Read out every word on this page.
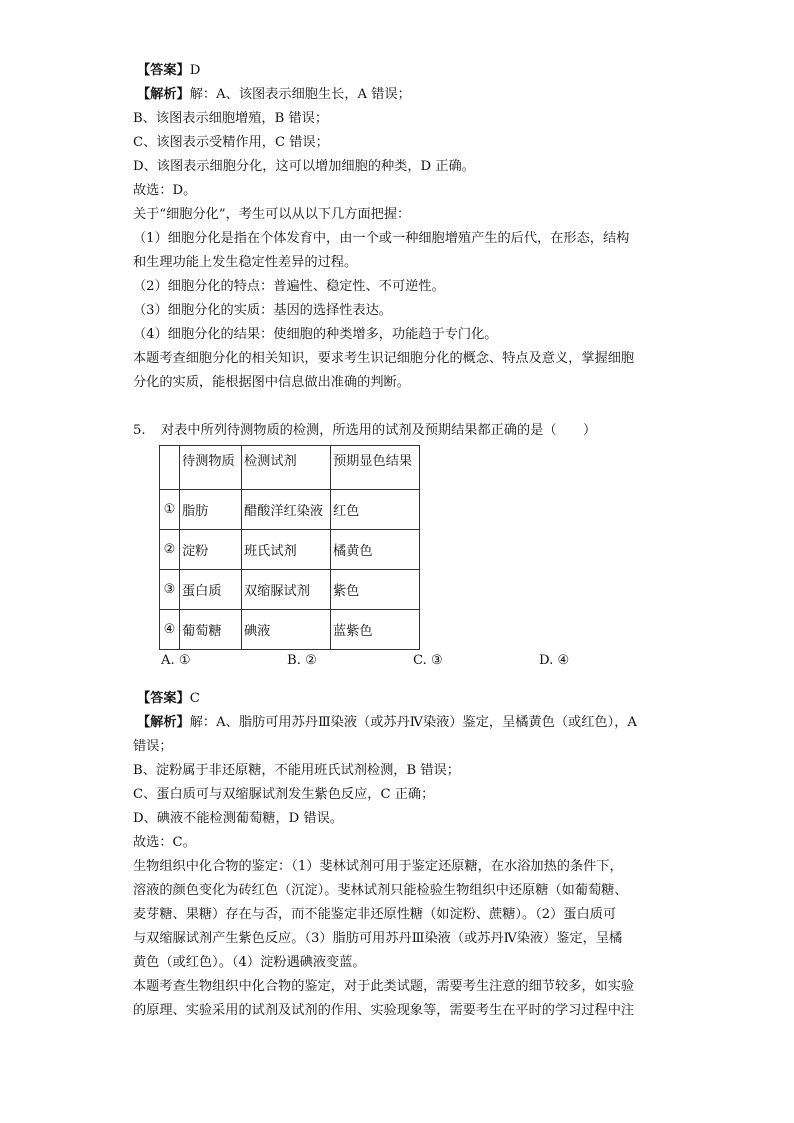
【答案】D
【解析】解：A、该图表示细胞生长，A 错误；
B、该图表示细胞增殖，B 错误；
C、该图表示受精作用，C 错误；
D、该图表示细胞分化，这可以增加细胞的种类，D 正确。
故选：D。
关于“细胞分化”，考生可以从以下几方面把握：
（1）细胞分化是指在个体发育中，由一个或一种细胞增殖产生的后代，在形态，结构
和生理功能上发生稳定性差异的过程。
（2）细胞分化的特点：普遍性、稳定性、不可逆性。
（3）细胞分化的实质：基因的选择性表达。
（4）细胞分化的结果：使细胞的种类增多，功能趋于专门化。
本题考查细胞分化的相关知识，要求考生识记细胞分化的概念、特点及意义，掌握细胞
分化的实质，能根据图中信息做出准确的判断。
5. 对表中所列待测物质的检测，所选用的试剂及预期结果都正确的是（　　）
	待测物质	检测试剂	预期显色结果
①	脂肪	醋酸洋红染液	红色
②	淀粉	班氏试剂	橘黄色
③	蛋白质	双缩脲试剂	紫色
④	葡萄糖	碘液	蓝紫色
A. ①	B. ②	C. ③	D. ④
【答案】C
【解析】解：A、脂肪可用苏丹Ⅲ染液（或苏丹Ⅳ染液）鉴定，呈橘黄色（或红色），A
错误；
B、淀粉属于非还原糖，不能用班氏试剂检测，B 错误；
C、蛋白质可与双缩脲试剂发生紫色反应，C 正确；
D、碘液不能检测葡萄糖，D 错误。
故选：C。
生物组织中化合物的鉴定：（1）斐林试剂可用于鉴定还原糖，在水浴加热的条件下，
溶液的颜色变化为砖红色（沉淀）。斐林试剂只能检验生物组织中还原糖（如葡萄糖、
麦芽糖、果糖）存在与否，而不能鉴定非还原性糖（如淀粉、蔗糖）。（2）蛋白质可
与双缩脲试剂产生紫色反应。（3）脂肪可用苏丹Ⅲ染液（或苏丹Ⅳ染液）鉴定，呈橘
黄色（或红色）。（4）淀粉遇碘液变蓝。
本题考查生物组织中化合物的鉴定，对于此类试题，需要考生注意的细节较多，如实验
的原理、实验采用的试剂及试剂的作用、实验现象等，需要考生在平时的学习过程中注
